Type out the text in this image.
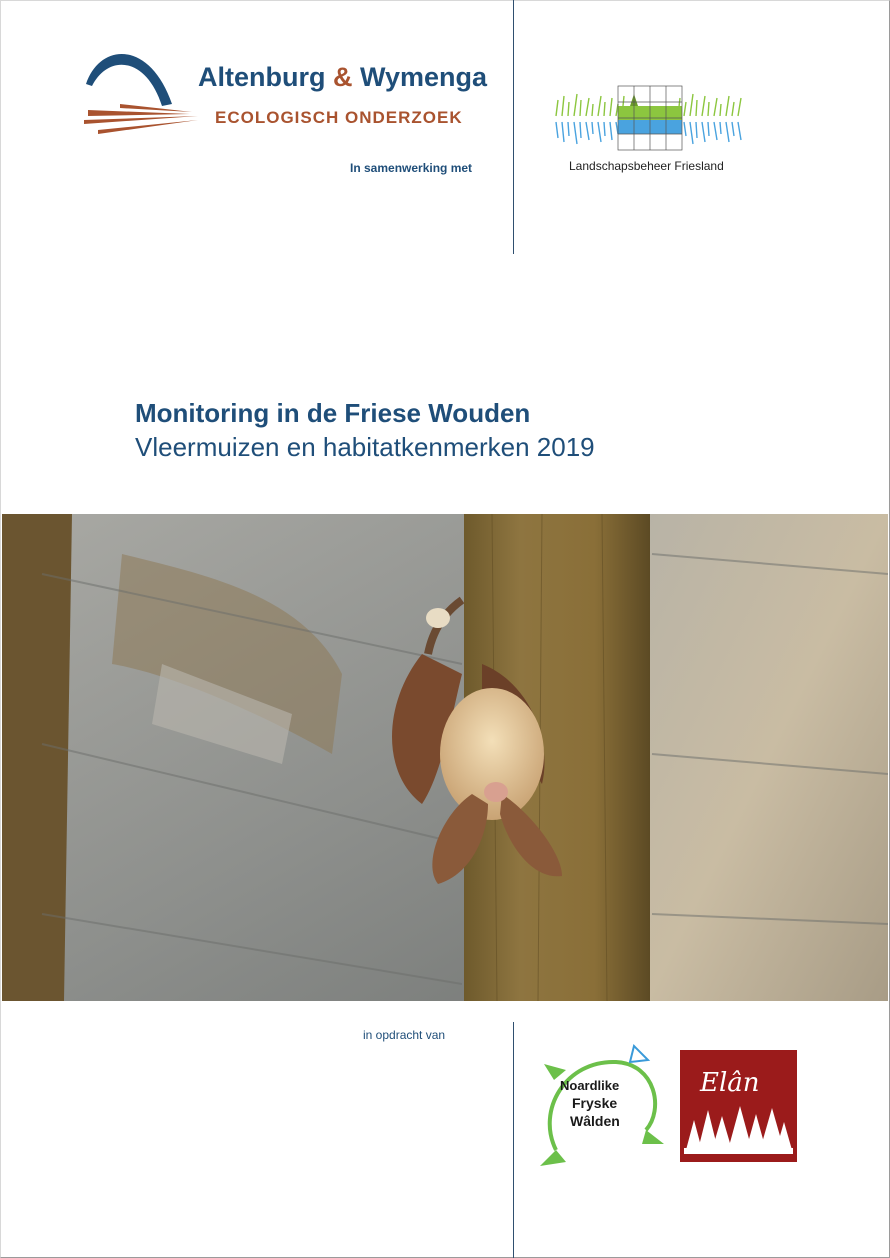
Altenburg & Wymenga
ECOLOGISCH ONDERZOEK
In samenwerking met	Landschapsbeheer Friesland
Monitoring in de Friese Wouden
Vleermuizen en habitatkenmerken 2019
in opdracht van
Noardlike
Fryske
Wâlden
Elân
